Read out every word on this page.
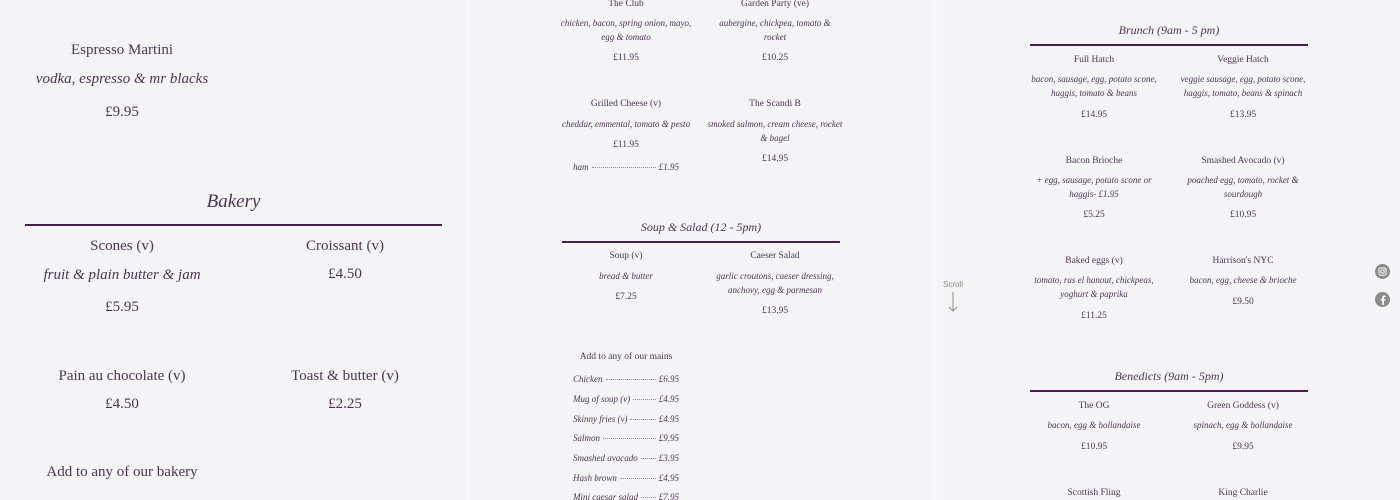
Espresso Martini
vodka, espresso & mr blacks
£9.95
Bakery
Scones (v)
fruit & plain butter & jam
£5.95
Croissant (v)
£4.50
Pain au chocolate (v)
£4.50
Toast & butter (v)
£2.25
Add to any of our bakery
The Club
chicken, bacon, spring onion, mayo, egg & tomato
£11.95
Garden Party (ve)
aubergine, chickpea, tomato & rocket
£10.25
Grilled Cheese (v)
cheddar, emmental, tomato & pesto
£11.95
ham	£1.95
The Scandi B
smoked salmon, cream cheese, rocket & bagel
£14.95
Soup & Salad (12 - 5pm)
Soup (v)
bread & butter
£7.25
Caeser Salad
garlic croutons, caeser dressing, anchovy, egg & parmesan
£13.95
Add to any of our mains
Chicken	£6.95
Mug of soup (v)	£4.95
Skinny fries (v)	£4.95
Salmon	£9.95
Smashed avacado £3.95
Hash brown	£4.95
Mini caesar salad £7.95
Brunch (9am - 5 pm)
Full Hatch
bacon, sausage, egg, potato scone, haggis, tomato & beans
£14.95
Veggie Hatch
veggie sausage, egg, potato scone, haggis, tomato, beans & spinach
£13.95
Bacon Brioche
+ egg, sausage, potato scone or haggis- £1.95
£5.25
Smashed Avocado (v)
poached egg, tomato, rocket & sourdough
£10.95
Baked eggs (v)
tomato, ras el hanout, chickpeas, yoghurt & paprika
£11.25
Harrison's NYC
bacon, egg, cheese & brioche
£9.50
Benedicts (9am - 5pm)
The OG
bacon, egg & hollandaise
£10.95
Green Goddess (v)
spinach, egg & hollandaise
£9.95
Scottish Fling	King Charlie
Scroll
